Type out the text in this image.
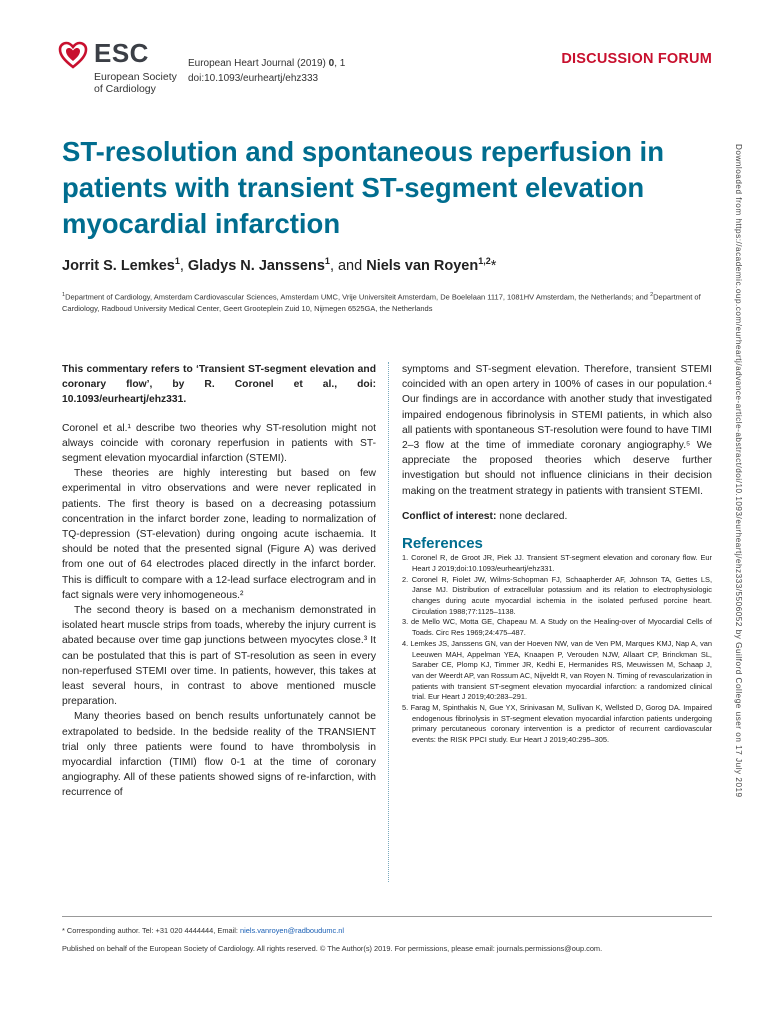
ESC
European Society
of Cardiology
European Heart Journal (2019) 0, 1
doi:10.1093/eurheartj/ehz333
DISCUSSION FORUM
ST-resolution and spontaneous reperfusion in patients with transient ST-segment elevation myocardial infarction
Jorrit S. Lemkes$^1$, Gladys N. Janssens$^1$, and Niels van Royen$^{1,2}$*
$^1$Department of Cardiology, Amsterdam Cardiovascular Sciences, Amsterdam UMC, Vrije Universiteit Amsterdam, De Boelelaan 1117, 1081HV Amsterdam, the Netherlands; and $^2$Department of Cardiology, Radboud University Medical Center, Geert Grooteplein Zuid 10, Nijmegen 6525GA, the Netherlands

This commentary refers to ‘Transient ST-segment elevation and coronary flow’, by R. Coronel et al., doi: 10.1093/eurheartj/ehz331.

Coronel et al.¹ describe two theories why ST-resolution might not always coincide with coronary reperfusion in patients with ST-segment elevation myocardial infarction (STEMI).

These theories are highly interesting but based on few experimental in vitro observations and were never replicated in patients. The first theory is based on a decreasing potassium concentration in the infarct border zone, leading to normalization of TQ-depression (ST-elevation) during ongoing acute ischaemia. It should be noted that the presented signal (Figure A) was derived from one out of 64 electrodes placed directly in the infarct border. This is difficult to compare with a 12-lead surface electrogram and in fact signals were very inhomogeneous.²

The second theory is based on a mechanism demonstrated in isolated heart muscle strips from toads, whereby the injury current is abated because over time gap junctions between myocytes close.³ It can be postulated that this is part of ST-resolution as seen in every non-reperfused STEMI over time. In patients, however, this takes at least several hours, in contrast to above mentioned muscle preparation.

Many theories based on bench results unfortunately cannot be extrapolated to bedside. In the bedside reality of the TRANSIENT trial only three patients were found to have thrombolysis in myocardial infarction (TIMI) flow 0-1 at the time of coronary angiography. All of these patients showed signs of re-infarction, with recurrence of

symptoms and ST-segment elevation. Therefore, transient STEMI coincided with an open artery in 100% of cases in our population.⁴ Our findings are in accordance with another study that investigated impaired endogenous fibrinolysis in STEMI patients, in which also all patients with spontaneous ST-resolution were found to have TIMI 2–3 flow at the time of immediate coronary angiography.⁵ We appreciate the proposed theories which deserve further investigation but should not influence clinicians in their decision making on the treatment strategy in patients with transient STEMI.

Conflict of interest: none declared.

References
1. Coronel R, de Groot JR, Piek JJ. Transient ST-segment elevation and coronary flow. Eur Heart J 2019;doi:10.1093/eurheartj/ehz331.
2. Coronel R, Fiolet JW, Wilms-Schopman FJ, Schaapherder AF, Johnson TA, Gettes LS, Janse MJ. Distribution of extracellular potassium and its relation to electrophysiologic changes during acute myocardial ischemia in the isolated perfused porcine heart. Circulation 1988;77:1125–1138.
3. de Mello WC, Motta GE, Chapeau M. A Study on the Healing-over of Myocardial Cells of Toads. Circ Res 1969;24:475–487.
4. Lemkes JS, Janssens GN, van der Hoeven NW, van de Ven PM, Marques KMJ, Nap A, van Leeuwen MAH, Appelman YEA, Knaapen P, Verouden NJW, Allaart CP, Brinckman SL, Saraber CE, Plomp KJ, Timmer JR, Kedhi E, Hermanides RS, Meuwissen M, Schaap J, van der Weerdt AP, van Rossum AC, Nijveldt R, van Royen N. Timing of revascularization in patients with transient ST-segment elevation myocardial infarction: a randomized clinical trial. Eur Heart J 2019;40:283–291.
5. Farag M, Spinthakis N, Gue YX, Srinivasan M, Sullivan K, Wellsted D, Gorog DA. Impaired endogenous fibrinolysis in ST-segment elevation myocardial infarction patients undergoing primary percutaneous coronary intervention is a predictor of recurrent cardiovascular events: the RISK PPCI study. Eur Heart J 2019;40:295–305.	Downloaded from https://academic.oup.com/eurheartj/advance-article-abstract/doi/10.1093/eurheartj/ehz333/5506052 by Guilford College user on 17 July 2019
* Corresponding author. Tel: +31 020 4444444, Email: niels.vanroyen@radboudumc.nl
Published on behalf of the European Society of Cardiology. All rights reserved. © The Author(s) 2019. For permissions, please email: journals.permissions@oup.com.
